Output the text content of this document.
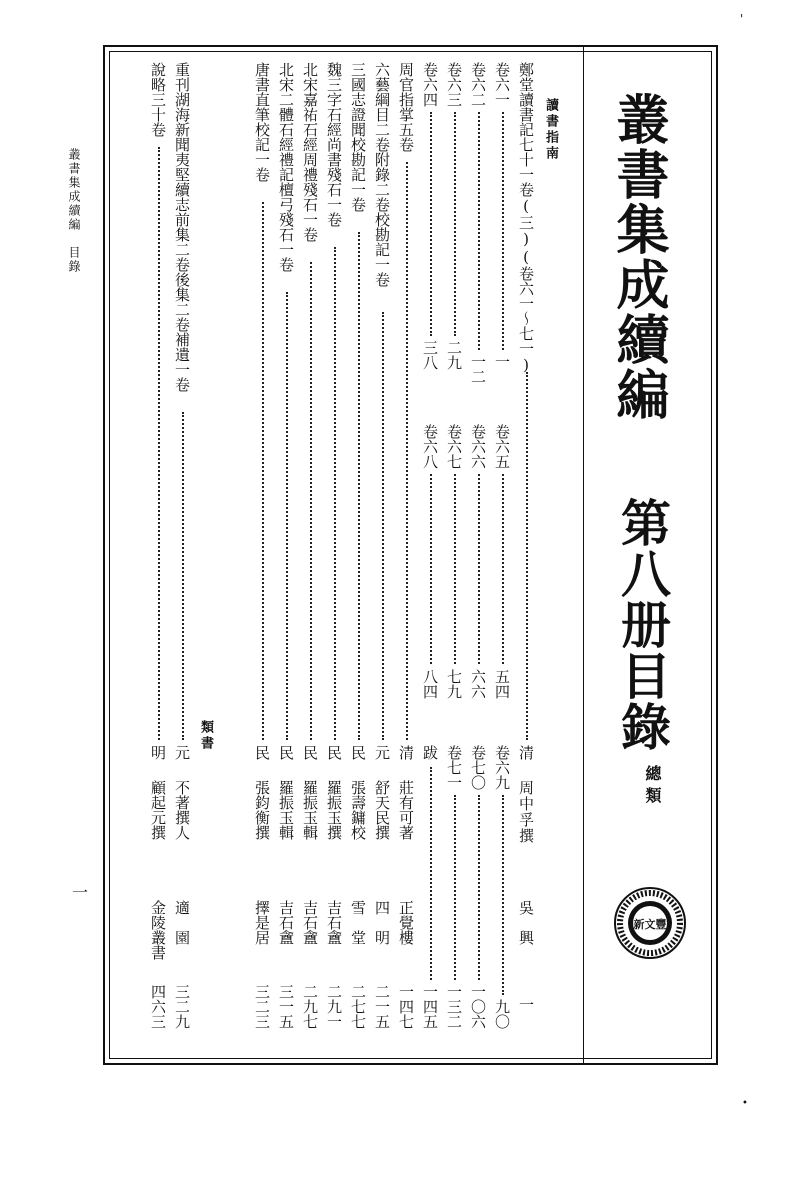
叢書集成續編　目錄
一
'
•
叢書集成續編
第八册目錄
總類
新文豐
讀書指南
類書
鄭堂讀書記七十一卷(三)(卷六一～七一)
清
周中孚撰
吳　興
一
卷六一
一
卷六五
五四
卷六九
九〇
卷六二
一二
卷六六
六六
卷七〇
一〇六
卷六三
二九
卷六七
七九
卷七一
一三二
卷六四
三八
卷六八
八四
跋
一四五
周官指掌五卷
清
莊有可著
正覺樓
一四七
六藝綱目二卷附錄二卷校勘記一卷
元
舒天民撰
四　明
二一五
三國志證聞校勘記一卷
民
張壽鏞校
雪　堂
二七七
魏三字石經尚書殘石一卷
民
羅振玉撰
吉石盦
二九一
北宋嘉祐石經周禮殘石一卷
民
羅振玉輯
吉石盦
二九七
北宋二體石經禮記檀弓殘石一卷
民
羅振玉輯
吉石盦
三一五
唐書直筆校記一卷
民
張鈞衡撰
擇是居
三二三
重刊湖海新聞夷堅續志前集二卷後集二卷補遺一卷
元
不著撰人
適　園
三二九
說略三十卷
明
顧起元撰
金陵叢書
四六三
